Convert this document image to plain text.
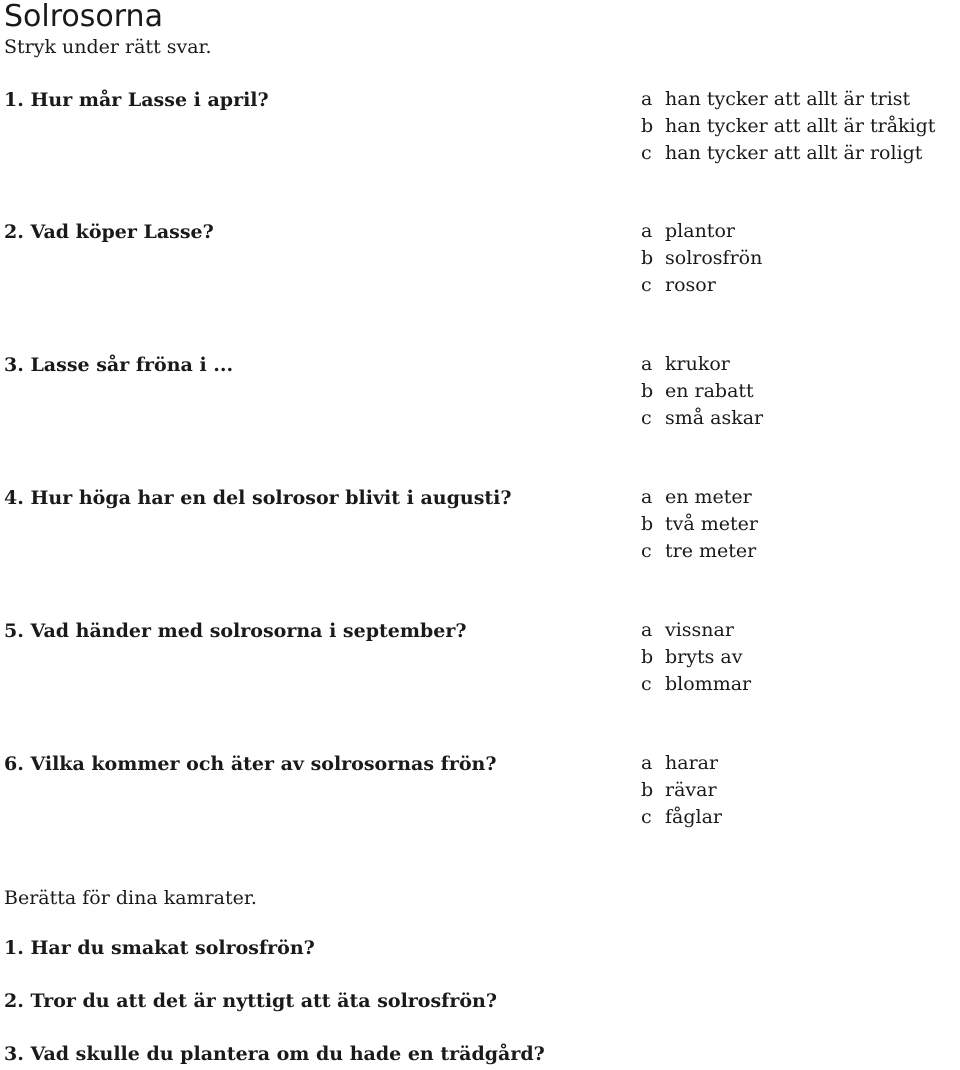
Solrosorna
Stryk under rätt svar.
1. Hur mår Lasse i april?	a han tycker att allt är trist
b han tycker att allt är tråkigt
c han tycker att allt är roligt
2. Vad köper Lasse?	a plantor
b solrosfrön
c rosor
3. Lasse sår fröna i ...	a krukor
b en rabatt
c små askar
4. Hur höga har en del solrosor blivit i augusti?	a en meter
b två meter
c tre meter
5. Vad händer med solrosorna i september?	a vissnar
b bryts av
c blommar
6. Vilka kommer och äter av solrosornas frön?	a harar
b rävar
c fåglar
Berätta för dina kamrater.
1. Har du smakat solrosfrön?
2. Tror du att det är nyttigt att äta solrosfrön?
3. Vad skulle du plantera om du hade en trädgård?
